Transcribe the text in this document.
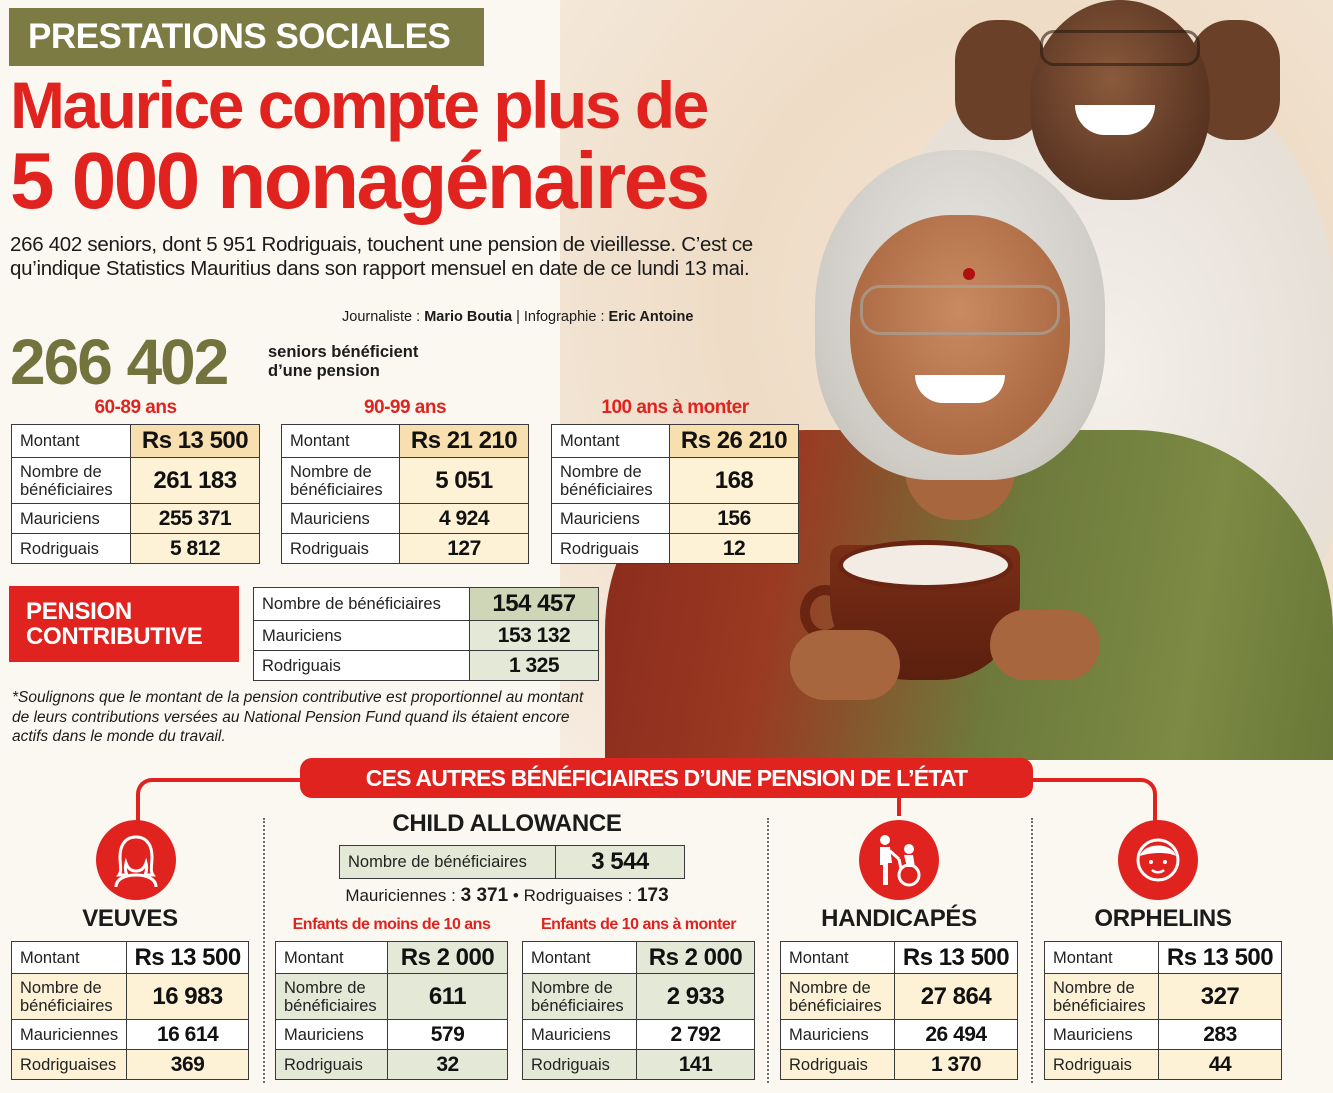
PRESTATIONS SOCIALES
Maurice compte plus de
5 000 nonagénaires
266 402 seniors, dont 5 951 Rodriguais, touchent une pension de vieillesse. C’est ce qu’indique Statistics Mauritius dans son rapport mensuel en date de ce lundi 13 mai.
Journaliste : Mario Boutia | Infographie : Eric Antoine
266 402 seniors bénéficient
d’une pension
60-89 ans	90-99 ans	100 ans à monter
Montant	Rs 13 500

Nombre de
bénéficiaires	261 183
Mauriciens	255 371
Rodriguais	5 812
Montant	Rs 21 210

Nombre de
bénéficiaires	5 051
Mauriciens	4 924
Rodriguais	127
Montant	Rs 26 210

Nombre de
bénéficiaires	168
Mauriciens	156
Rodriguais	12
PENSION
CONTRIBUTIVE
Nombre de bénéficiaires	154 457
Mauriciens	153 132
Rodriguais	1 325
*Soulignons que le montant de la pension contributive est proportionnel au montant de leurs contributions versées au National Pension Fund quand ils étaient encore actifs dans le monde du travail.
CES AUTRES BÉNÉFICIAIRES D’UNE PENSION DE L’ÉTAT
VEUVES
Montant	Rs 13 500

Nombre de
bénéficiaires	16 983
Mauriciennes	16 614
Rodriguaises	369
CHILD ALLOWANCE
Nombre de bénéficiaires	3 544
Mauriciennes : 3 371 • Rodriguaises : 173
Enfants de moins de 10 ans
Montant	Rs 2 000

Nombre de
bénéficiaires	611
Mauriciens	579
Rodriguais	32
Enfants de 10 ans à monter
Montant	Rs 2 000

Nombre de
bénéficiaires	2 933
Mauriciens	2 792
Rodriguais	141
HANDICAPÉS
Montant	Rs 13 500

Nombre de
bénéficiaires	27 864
Mauriciens	26 494
Rodriguais	1 370
ORPHELINS
Montant	Rs 13 500

Nombre de
bénéficiaires	327
Mauriciens	283
Rodriguais	44
